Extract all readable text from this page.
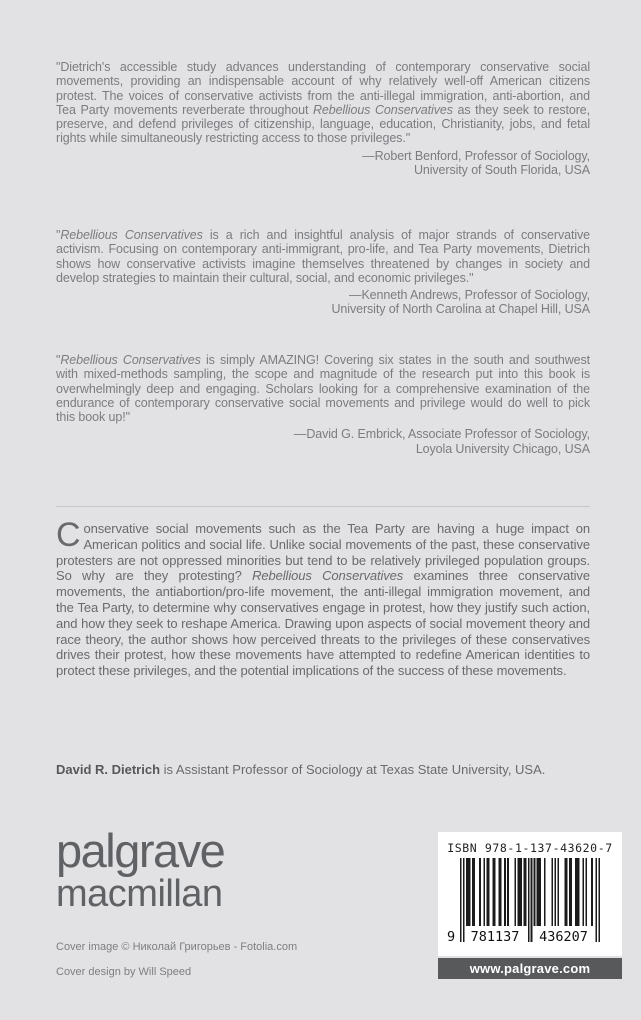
"Dietrich's accessible study advances understanding of contemporary conservative social movements, providing an indispensable account of why relatively well-off American citizens protest. The voices of conservative activists from the anti-illegal immigration, anti-abortion, and Tea Party movements reverberate throughout Rebellious Conservatives as they seek to restore, preserve, and defend privileges of citizenship, language, education, Christianity, jobs, and fetal rights while simultaneously restricting access to those privileges."
—Robert Benford, Professor of Sociology,
University of South Florida, USA
"Rebellious Conservatives is a rich and insightful analysis of major strands of conservative activism. Focusing on contemporary anti-immigrant, pro-life, and Tea Party movements, Dietrich shows how conservative activists imagine themselves threatened by changes in society and develop strategies to maintain their cultural, social, and economic privileges."
—Kenneth Andrews, Professor of Sociology,
University of North Carolina at Chapel Hill, USA
"Rebellious Conservatives is simply AMAZING! Covering six states in the south and southwest with mixed-methods sampling, the scope and magnitude of the research put into this book is overwhelmingly deep and engaging. Scholars looking for a comprehensive examination of the endurance of contemporary conservative social movements and privilege would do well to pick this book up!"
—David G. Embrick, Associate Professor of Sociology,
Loyola University Chicago, USA
Conservative social movements such as the Tea Party are having a huge impact on American politics and social life. Unlike social movements of the past, these conservative protesters are not oppressed minorities but tend to be relatively privileged population groups. So why are they protesting? Rebellious Conservatives examines three conservative movements, the antiabortion/pro-life movement, the anti-illegal immigration movement, and the Tea Party, to determine why conservatives engage in protest, how they justify such action, and how they seek to reshape America. Drawing upon aspects of social movement theory and race theory, the author shows how perceived threats to the privileges of these conservatives drives their protest, how these movements have attempted to redefine American identities to protect these privileges, and the potential implications of the success of these movements.
David R. Dietrich is Assistant Professor of Sociology at Texas State University, USA.
palgrave
macmillan
Cover image © Николай Григорьев - Fotolia.com
Cover design by Will Speed
ISBN 978-1-137-43620-7
9	781137	436207
www.palgrave.com
